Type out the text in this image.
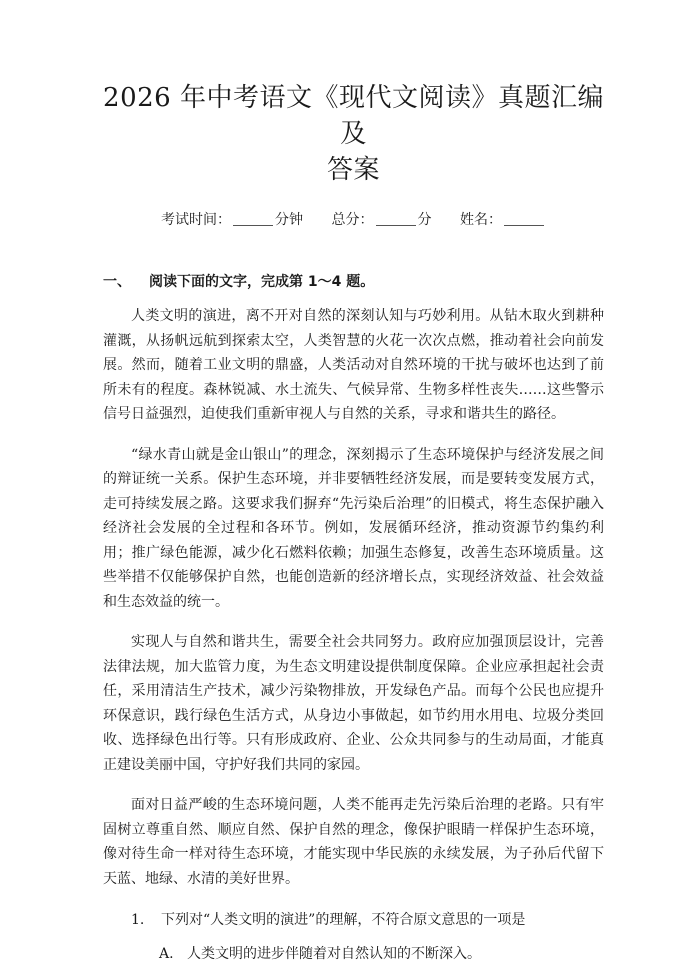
2026 年中考语文《现代文阅读》真题汇编及
答案
考试时间：	分钟 总分：	分 姓名：
一、 阅读下面的文字，完成第 1～4 题。

人类文明的演进，离不开对自然的深刻认知与巧妙利用。从钻木取火到耕种灌溉，从扬帆远航到探索太空，人类智慧的火花一次次点燃，推动着社会向前发展。然而，随着工业文明的鼎盛，人类活动对自然环境的干扰与破坏也达到了前所未有的程度。森林锐减、水土流失、气候异常、生物多样性丧失……这些警示信号日益强烈，迫使我们重新审视人与自然的关系，寻求和谐共生的路径。

“绿水青山就是金山银山”的理念，深刻揭示了生态环境保护与经济发展之间的辩证统一关系。保护生态环境，并非要牺牲经济发展，而是要转变发展方式，走可持续发展之路。这要求我们摒弃“先污染后治理”的旧模式，将生态保护融入经济社会发展的全过程和各环节。例如，发展循环经济，推动资源节约集约利用；推广绿色能源，减少化石燃料依赖；加强生态修复，改善生态环境质量。这些举措不仅能够保护自然，也能创造新的经济增长点，实现经济效益、社会效益和生态效益的统一。

实现人与自然和谐共生，需要全社会共同努力。政府应加强顶层设计，完善法律法规，加大监管力度，为生态文明建设提供制度保障。企业应承担起社会责任，采用清洁生产技术，减少污染物排放，开发绿色产品。而每个公民也应提升环保意识，践行绿色生活方式，从身边小事做起，如节约用水用电、垃圾分类回收、选择绿色出行等。只有形成政府、企业、公众共同参与的生动局面，才能真正建设美丽中国，守护好我们共同的家园。

面对日益严峻的生态环境问题，人类不能再走先污染后治理的老路。只有牢固树立尊重自然、顺应自然、保护自然的理念，像保护眼睛一样保护生态环境，像对待生命一样对待生态环境，才能实现中华民族的永续发展，为子孙后代留下天蓝、地绿、水清的美好世界。

1. 下列对“人类文明的演进”的理解，不符合原文意思的一项是
A. 人类文明的进步伴随着对自然认知的不断深入。
